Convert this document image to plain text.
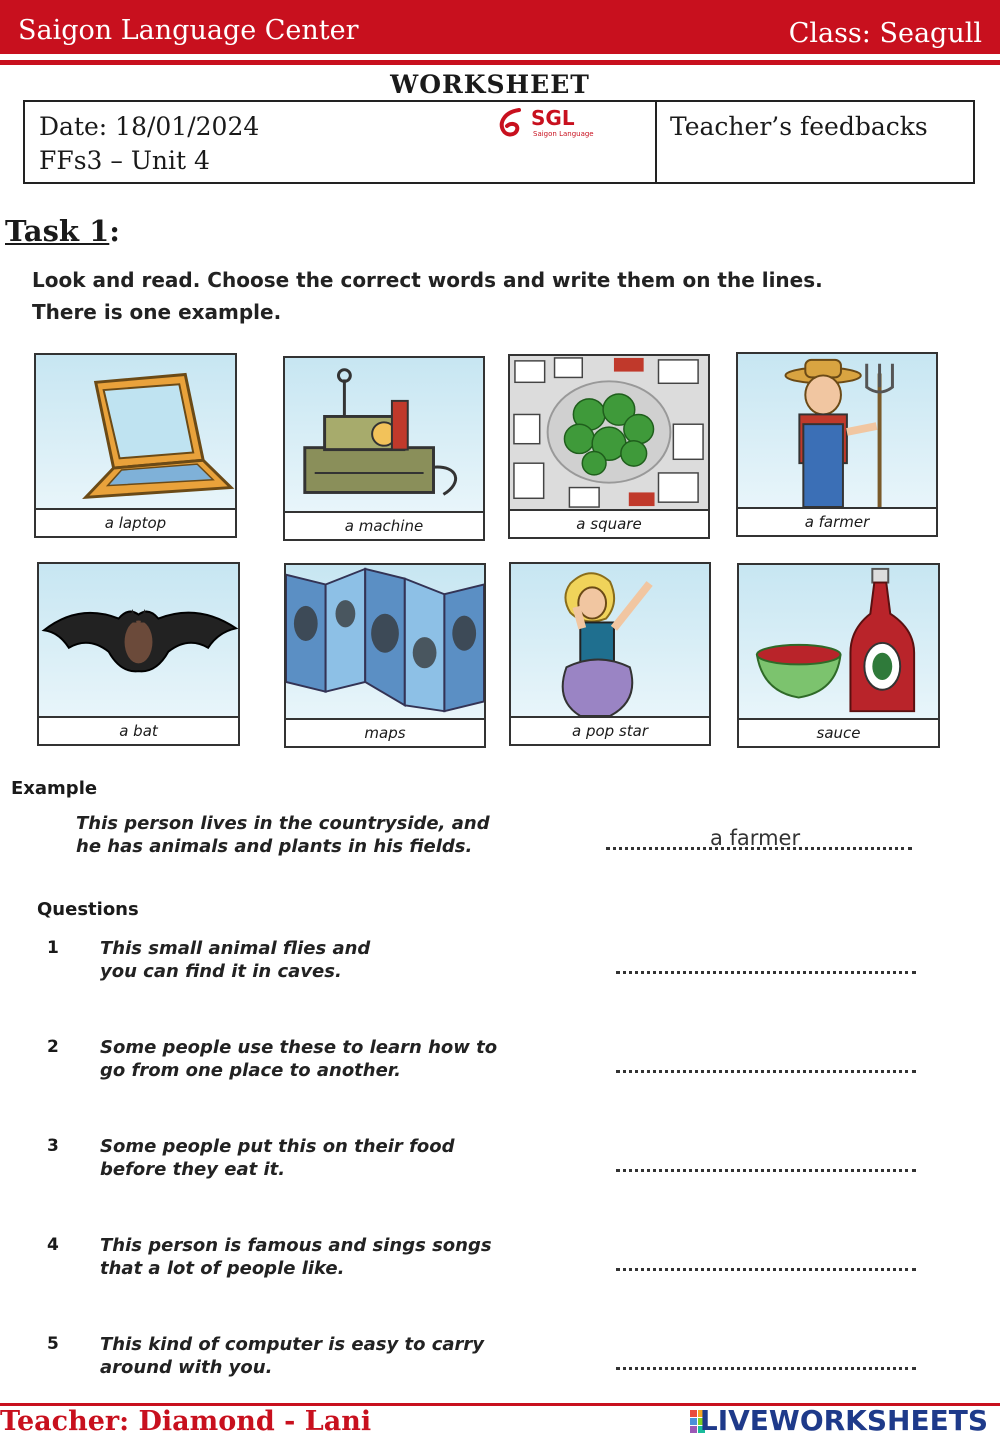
Saigon Language Center	Class: Seagull
WORKSHEET
Date: 18/01/2024
FFs3 – Unit 4
SGL
Saigon Language	Teacher’s feedbacks
Task 1:
Look and read. Choose the correct words and write them on the lines.
There is one example.
a laptop	a machine	a square	a farmer
a bat	maps	a pop star	sauce
Example
This person lives in the countryside, and
he has animals and plants in his fields.	a farmer
Questions
1 This small animal flies and
you can find it in caves.
2 Some people use these to learn how to
go from one place to another.
3 Some people put this on their food
before they eat it.
4 This person is famous and sings songs
that a lot of people like.
5 This kind of computer is easy to carry
around with you.
Teacher: Diamond - Lani	LIVEWORKSHEETS
